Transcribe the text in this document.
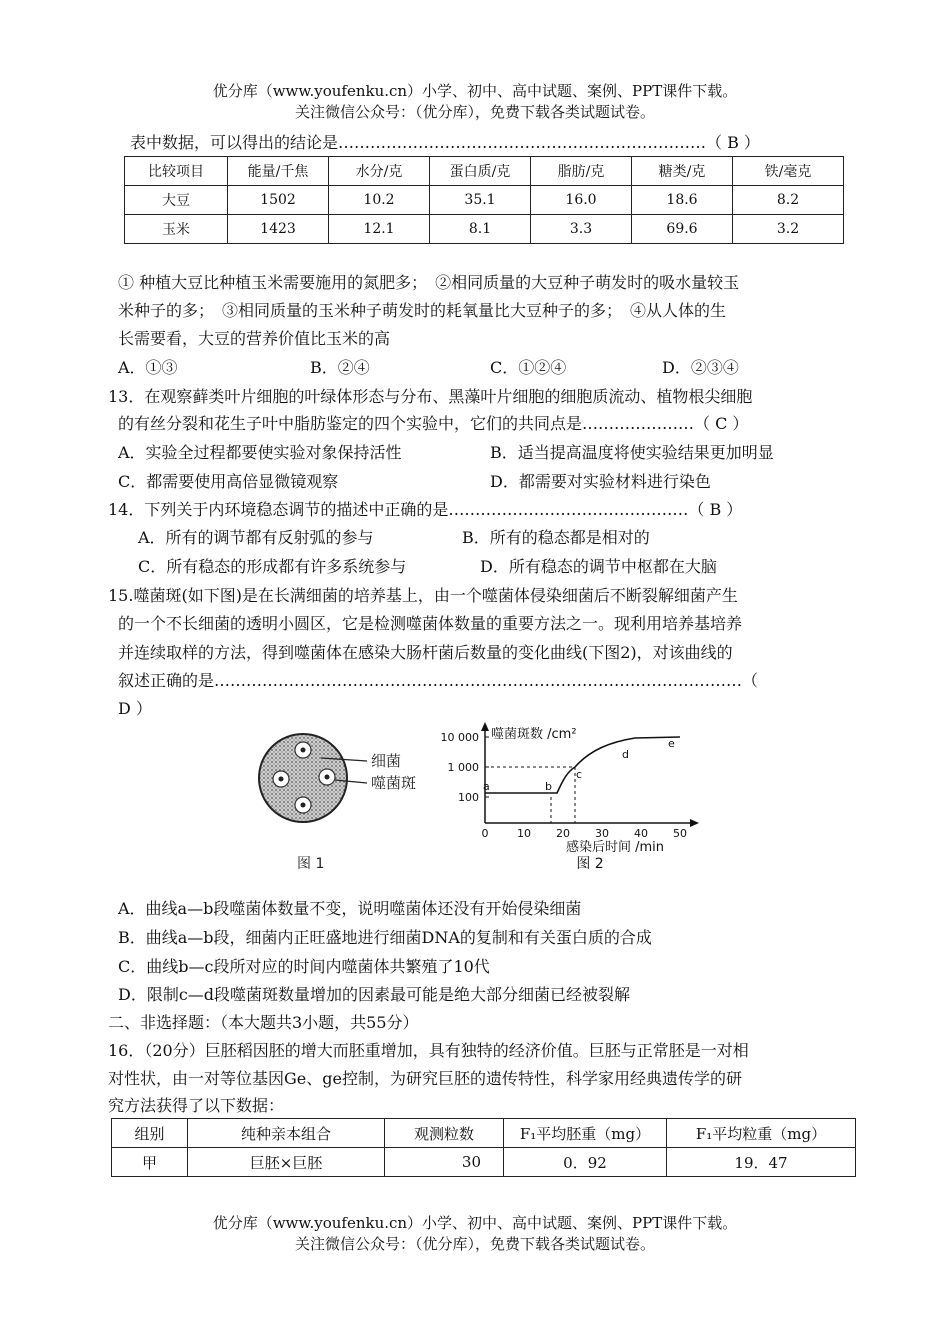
优分库（www.youfenku.cn）小学、初中、高中试题、案例、PPT课件下载。
关注微信公众号：（优分库），免费下载各类试题试卷。
表中数据，可以得出的结论是……………………………………………………………（ B ）
比较项目	能量/千焦	水分/克	蛋白质/克	脂肪/克	糖类/克	铁/毫克
大豆	1502	10.2	35.1	16.0	18.6	8.2
玉米	1423	12.1	8.1	3.3	69.6	3.2
① 种植大豆比种植玉米需要施用的氮肥多；　②相同质量的大豆种子萌发时的吸水量较玉
米种子的多；　③相同质量的玉米种子萌发时的耗氧量比大豆种子的多；　④从人体的生
长需要看，大豆的营养价值比玉米的高
A．①③	B．②④	C．①②④	D．②③④
13．在观察藓类叶片细胞的叶绿体形态与分布、黑藻叶片细胞的细胞质流动、植物根尖细胞
的有丝分裂和花生子叶中脂肪鉴定的四个实验中，它们的共同点是…………………（ C ）
A．实验全过程都要使实验对象保持活性	B．适当提高温度将使实验结果更加明显
C．都需要使用高倍显微镜观察	D．都需要对实验材料进行染色
14．下列关于内环境稳态调节的描述中正确的是………………………………………（ B ）
A．所有的调节都有反射弧的参与	B．所有的稳态都是相对的
C．所有稳态的形成都有许多系统参与	D．所有稳态的调节中枢都在大脑
15.噬菌斑(如下图)是在长满细菌的培养基上，由一个噬菌体侵染细菌后不断裂解细菌产生
的一个不长细菌的透明小圆区，它是检测噬菌体数量的重要方法之一。现利用培养基培养
并连续取样的方法，得到噬菌体在感染大肠杆菌后数量的变化曲线(下图2)，对该曲线的
叙述正确的是………………………………………………………………………………………（
D ）
细菌
噬菌斑
图 1
噬菌斑数 /cm²
10 000
1 000
100
0	10 20 30 40 50
a	b
c
d
e
感染后时间 /min
图 2
A．曲线a—b段噬菌体数量不变，说明噬菌体还没有开始侵染细菌
B．曲线a—b段，细菌内正旺盛地进行细菌DNA的复制和有关蛋白质的合成
C．曲线b—c段所对应的时间内噬菌体共繁殖了10代
D．限制c—d段噬菌斑数量增加的因素最可能是绝大部分细菌已经被裂解
二、非选择题：（本大题共3小题，共55分）
16．（20分）巨胚稻因胚的增大而胚重增加，具有独特的经济价值。巨胚与正常胚是一对相
对性状，由一对等位基因Ge、ge控制，为研究巨胚的遗传特性，科学家用经典遗传学的研
究方法获得了以下数据：
组别	纯种亲本组合	观测粒数	F₁平均胚重（mg）	F₁平均粒重（mg）
甲	巨胚×巨胚	30	0．92	19．47
优分库（www.youfenku.cn）小学、初中、高中试题、案例、PPT课件下载。
关注微信公众号：（优分库），免费下载各类试题试卷。
